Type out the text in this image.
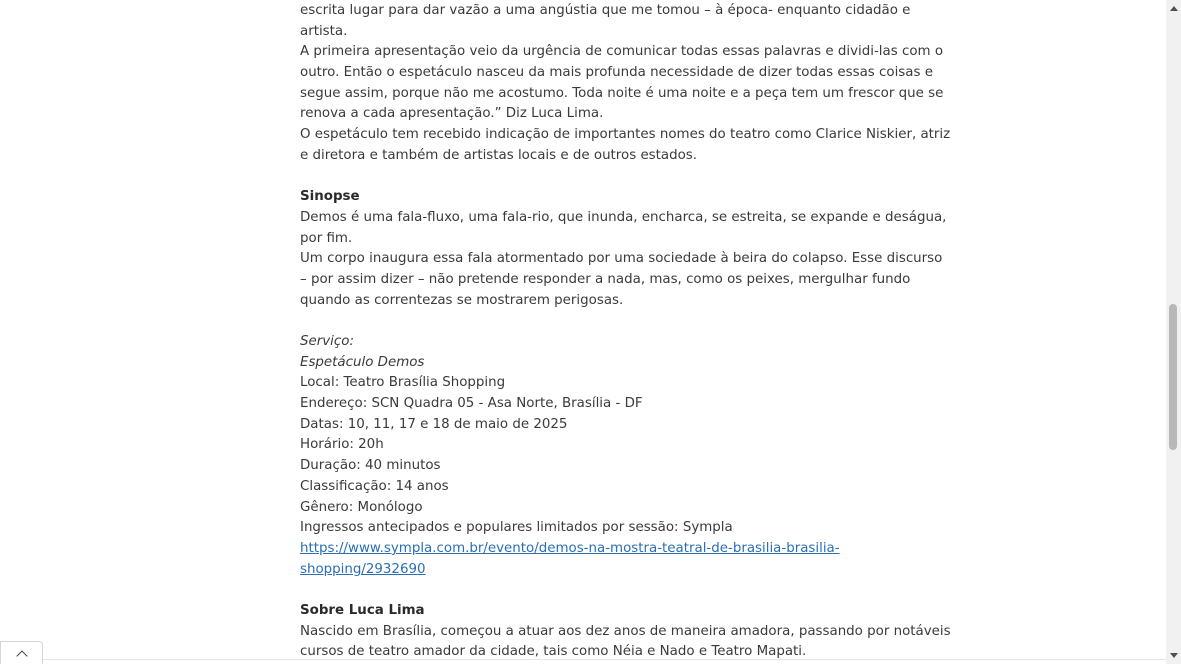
escrita lugar para dar vazão a uma angústia que me tomou – à época- enquanto cidadão e
artista.
A primeira apresentação veio da urgência de comunicar todas essas palavras e dividi-las com o
outro. Então o espetáculo nasceu da mais profunda necessidade de dizer todas essas coisas e
segue assim, porque não me acostumo. Toda noite é uma noite e a peça tem um frescor que se
renova a cada apresentação.” Diz Luca Lima.
O espetáculo tem recebido indicação de importantes nomes do teatro como Clarice Niskier, atriz
e diretora e também de artistas locais e de outros estados.
Sinopse
Demos é uma fala-fluxo, uma fala-rio, que inunda, encharca, se estreita, se expande e deságua,
por fim.
Um corpo inaugura essa fala atormentado por uma sociedade à beira do colapso. Esse discurso
– por assim dizer – não pretende responder a nada, mas, como os peixes, mergulhar fundo
quando as correntezas se mostrarem perigosas.
Serviço:
Espetáculo Demos
Local: Teatro Brasília Shopping
Endereço: SCN Quadra 05 - Asa Norte, Brasília - DF
Datas: 10, 11, 17 e 18 de maio de 2025
Horário: 20h
Duração: 40 minutos
Classificação: 14 anos
Gênero: Monólogo
Ingressos antecipados e populares limitados por sessão: Sympla
https://www.sympla.com.br/evento/demos-na-mostra-teatral-de-brasilia-brasilia-
shopping/2932690
Sobre Luca Lima
Nascido em Brasília, começou a atuar aos dez anos de maneira amadora, passando por notáveis
cursos de teatro amador da cidade, tais como Néia e Nado e Teatro Mapati.
